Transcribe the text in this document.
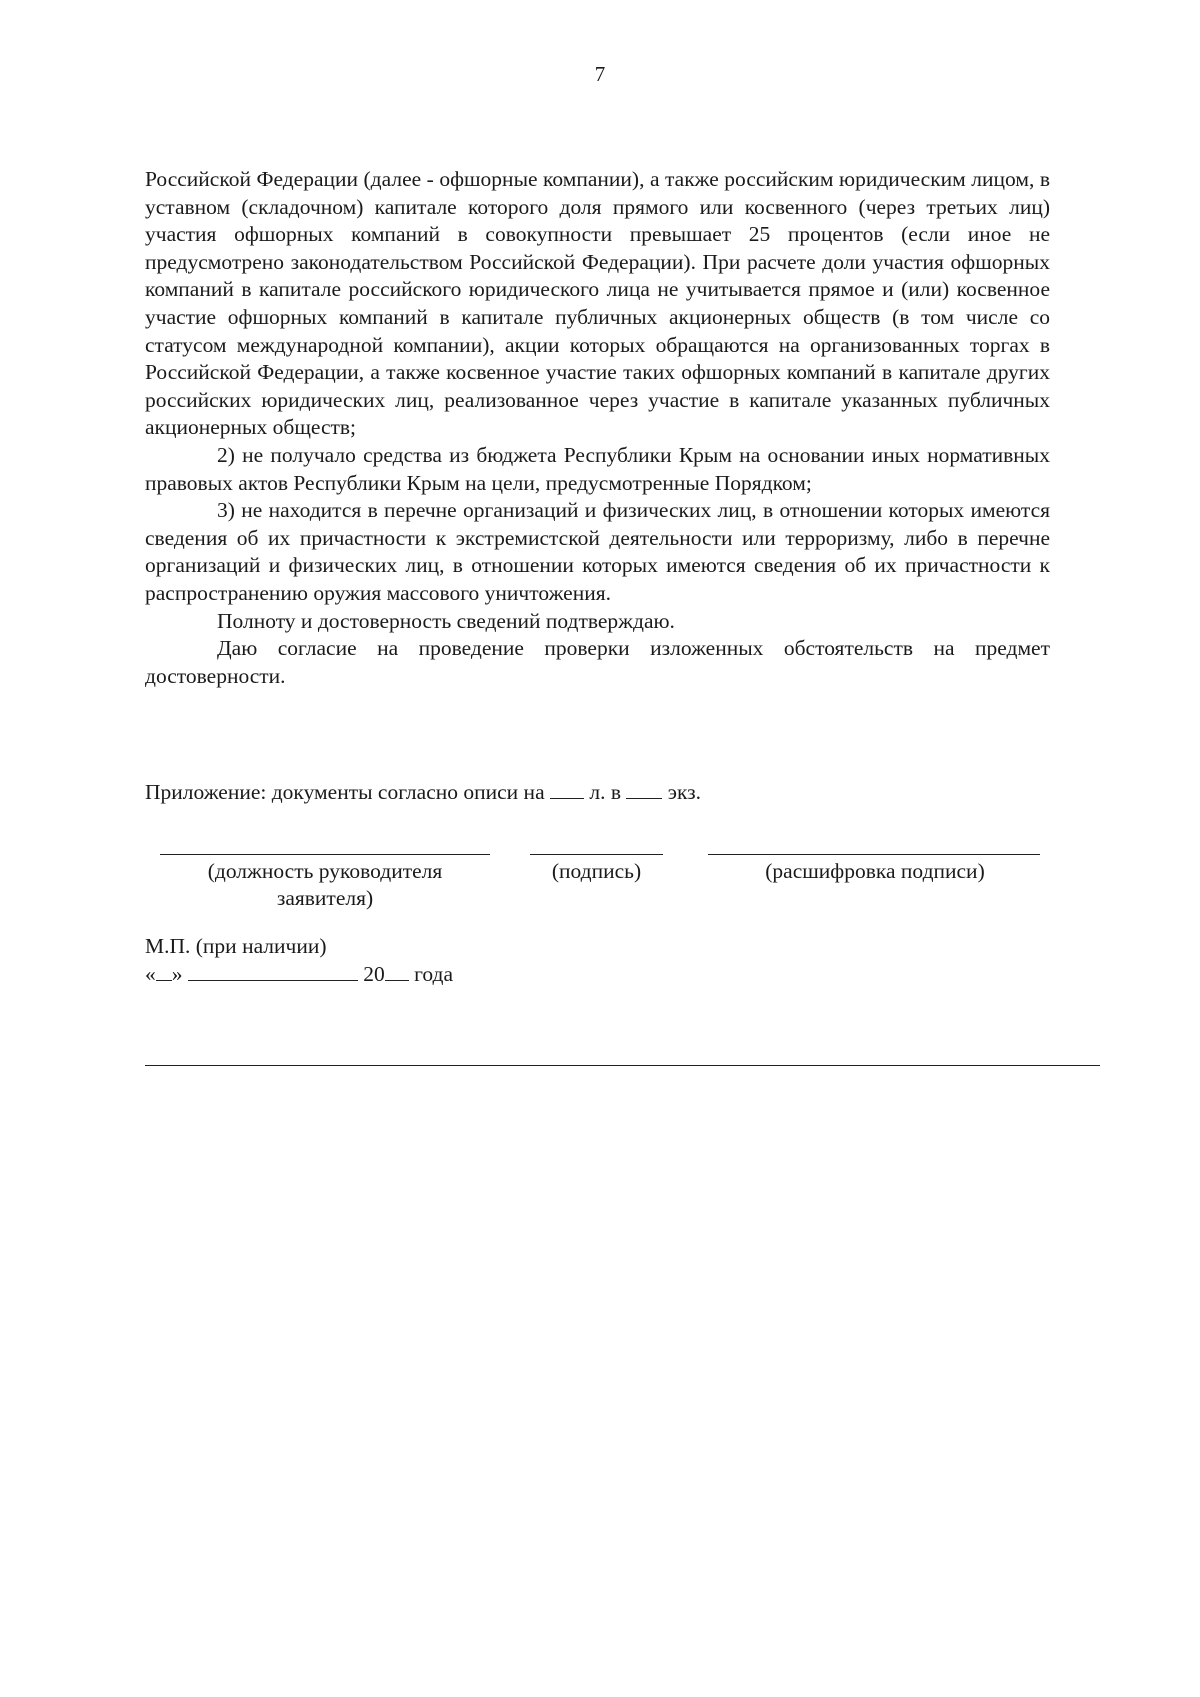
7

Российской Федерации (далее - офшорные компании), а также российским юридическим лицом, в уставном (складочном) капитале которого доля прямого или косвенного (через третьих лиц) участия офшорных компаний в совокупности превышает 25 процентов (если иное не предусмотрено законодательством Российской Федерации). При расчете доли участия офшорных компаний в капитале российского юридического лица не учитывается прямое и (или) косвенное участие офшорных компаний в капитале публичных акционерных обществ (в том числе со статусом международной компании), акции которых обращаются на организованных торгах в Российской Федерации, а также косвенное участие таких офшорных компаний в капитале других российских юридических лиц, реализованное через участие в капитале указанных публичных акционерных обществ;

2) не получало средства из бюджета Республики Крым на основании иных нормативных правовых актов Республики Крым на цели, предусмотренные Порядком;

3) не находится в перечне организаций и физических лиц, в отношении которых имеются сведения об их причастности к экстремистской деятельности или терроризму, либо в перечне организаций и физических лиц, в отношении которых имеются сведения об их причастности к распространению оружия массового уничтожения.

Полноту и достоверность сведений подтверждаю.

Даю согласие на проведение проверки изложенных обстоятельств на предмет достоверности.

Приложение: документы согласно описи на л. в экз.
(должность руководителя заявителя)
(подпись)	(расшифровка подписи)
М.П. (при наличии)
« »	20 года
